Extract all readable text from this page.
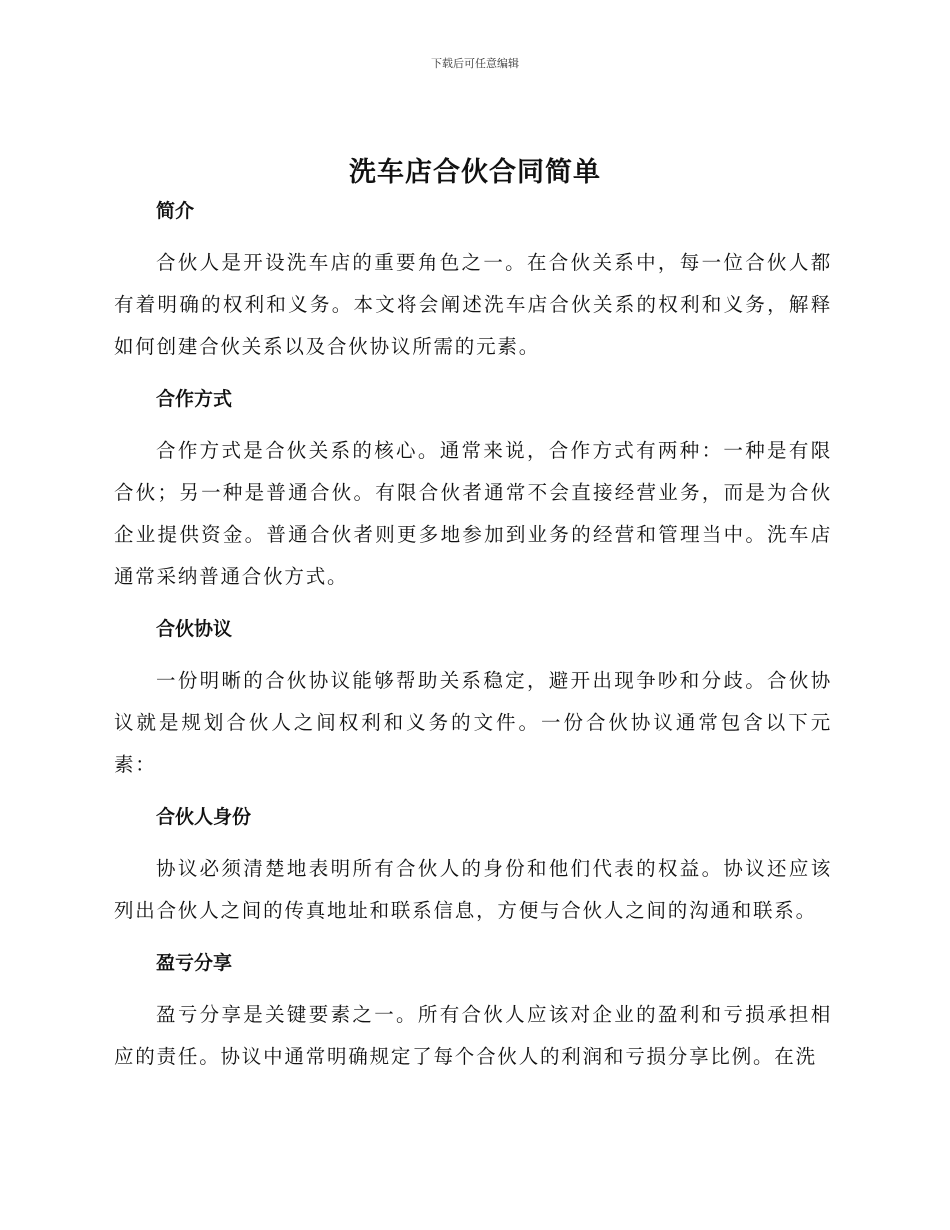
下载后可任意编辑
洗车店合伙合同简单
简介

合伙人是开设洗车店的重要角色之一。在合伙关系中，每一位合伙人都有着明确的权利和义务。本文将会阐述洗车店合伙关系的权利和义务，解释如何创建合伙关系以及合伙协议所需的元素。

合作方式

合作方式是合伙关系的核心。通常来说，合作方式有两种：一种是有限合伙；另一种是普通合伙。有限合伙者通常不会直接经营业务，而是为合伙企业提供资金。普通合伙者则更多地参加到业务的经营和管理当中。洗车店通常采纳普通合伙方式。

合伙协议

一份明晰的合伙协议能够帮助关系稳定，避开出现争吵和分歧。合伙协议就是规划合伙人之间权利和义务的文件。一份合伙协议通常包含以下元素：

合伙人身份

协议必须清楚地表明所有合伙人的身份和他们代表的权益。协议还应该列出合伙人之间的传真地址和联系信息，方便与合伙人之间的沟通和联系。

盈亏分享

盈亏分享是关键要素之一。所有合伙人应该对企业的盈利和亏损承担相应的责任。协议中通常明确规定了每个合伙人的利润和亏损分享比例。在洗
